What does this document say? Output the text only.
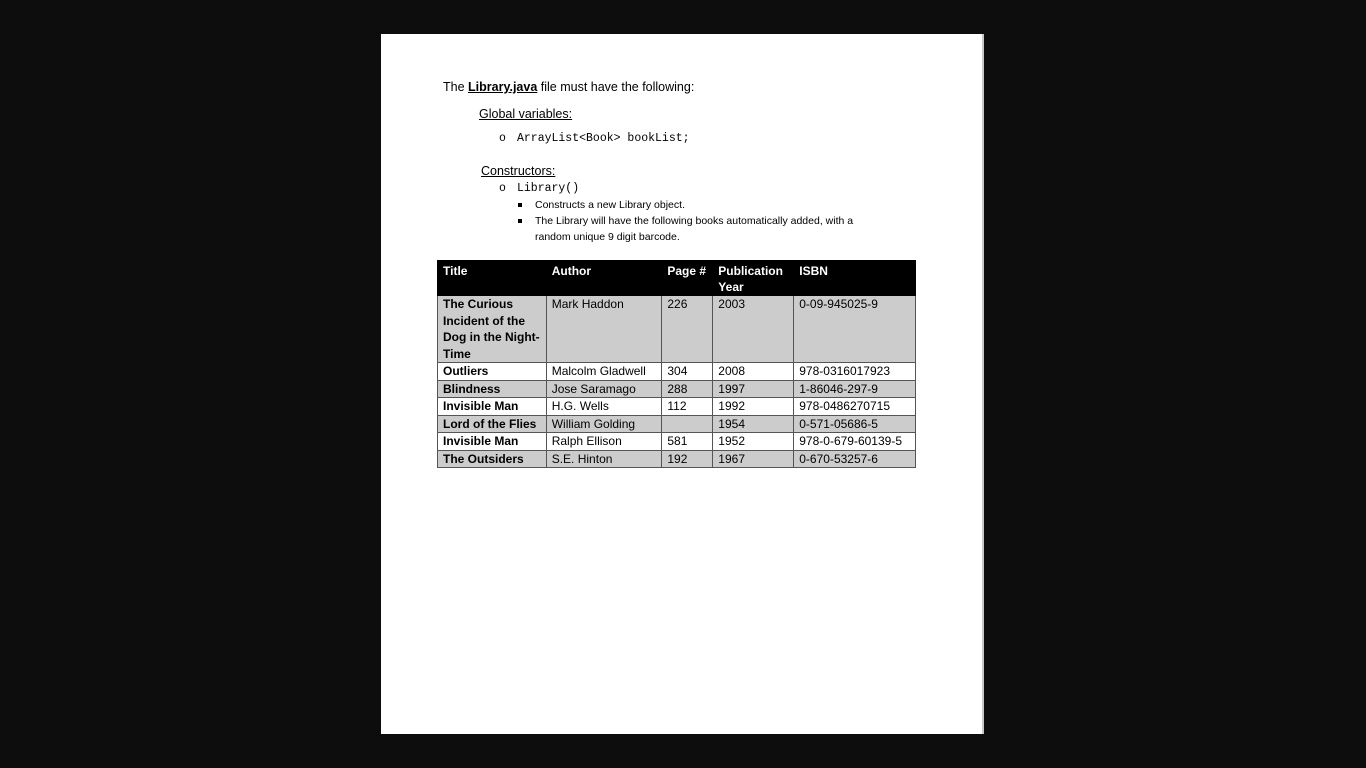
The Library.java file must have the following:
Global variables:
o ArrayList<Book> bookList;
Constructors:
o Library()
Constructs a new Library object.
The Library will have the following books automatically added, with a random unique 9 digit barcode.
Title	Author	Page #	Publication Year	ISBN
The Curious Incident of the Dog in the Night-Time	Mark Haddon	226	2003	0-09-945025-9
Outliers	Malcolm Gladwell	304	2008	978-0316017923
Blindness	Jose Saramago	288	1997	1-86046-297-9
Invisible Man	H.G. Wells	112	1992	978-0486270715
Lord of the Flies	William Golding		1954	0-571-05686-5
Invisible Man	Ralph Ellison	581	1952	978-0-679-60139-5
The Outsiders	S.E. Hinton	192	1967	0-670-53257-6
